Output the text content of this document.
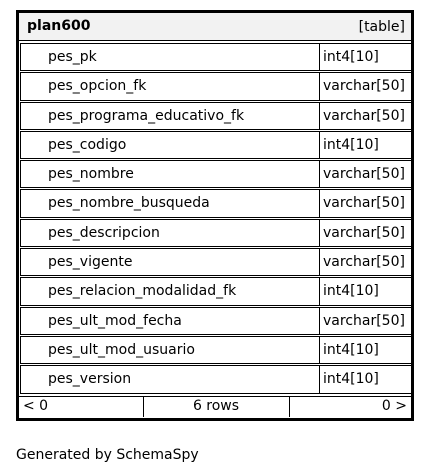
plan600	[table]
pes_pk	int4[10]
pes_opcion_fk	varchar[50]
pes_programa_educativo_fk	varchar[50]
pes_codigo	int4[10]
pes_nombre	varchar[50]
pes_nombre_busqueda	varchar[50]
pes_descripcion	varchar[50]
pes_vigente	varchar[50]
pes_relacion_modalidad_fk	int4[10]
pes_ult_mod_fecha	varchar[50]
pes_ult_mod_usuario	int4[10]
pes_version	int4[10]
< 0	6 rows	0 >
Generated by SchemaSpy
